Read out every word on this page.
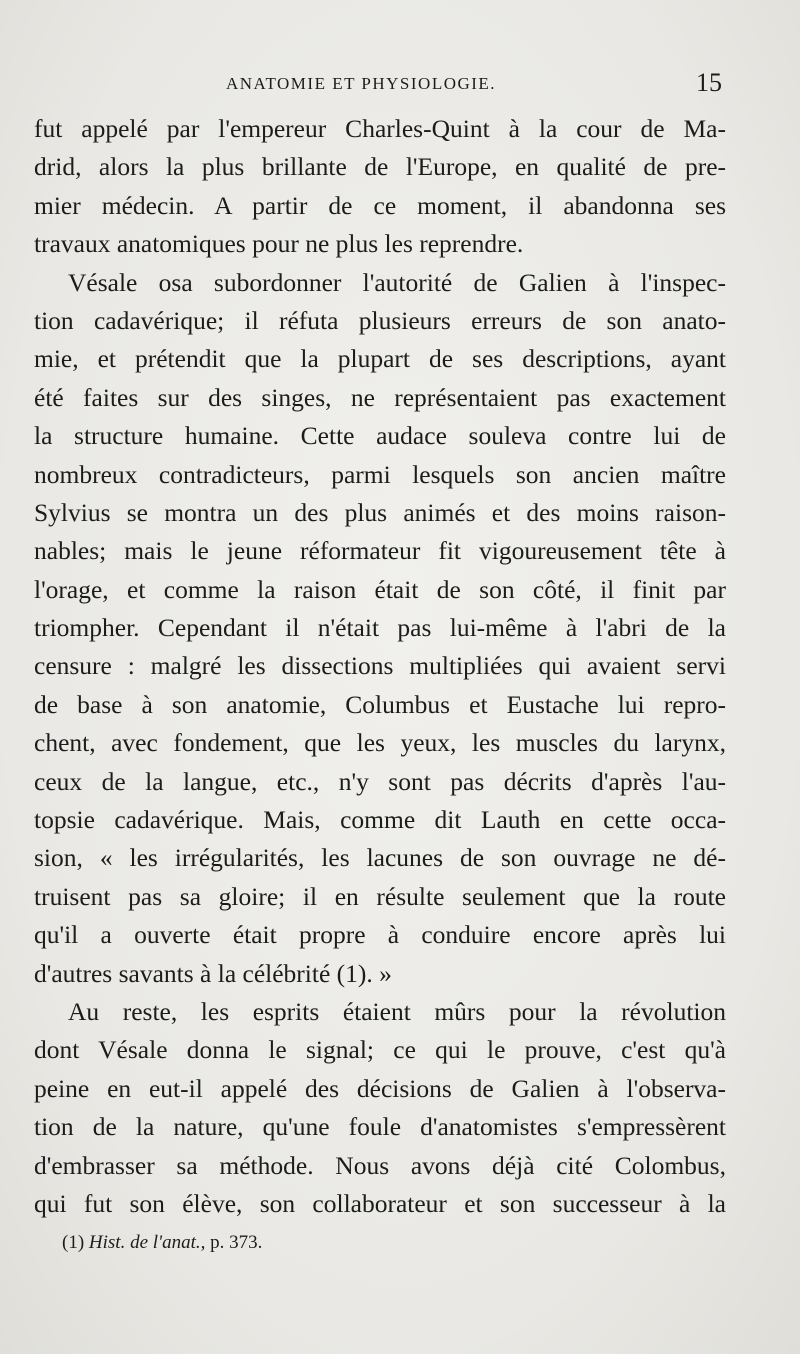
ANATOMIE ET PHYSIOLOGIE.	15
fut appelé par l'empereur Charles-Quint à la cour de Ma-
drid, alors la plus brillante de l'Europe, en qualité de pre-
mier médecin. A partir de ce moment, il abandonna ses
travaux anatomiques pour ne plus les reprendre.
Vésale osa subordonner l'autorité de Galien à l'inspec-
tion cadavérique; il réfuta plusieurs erreurs de son anato-
mie, et prétendit que la plupart de ses descriptions, ayant
été faites sur des singes, ne représentaient pas exactement
la structure humaine. Cette audace souleva contre lui de
nombreux contradicteurs, parmi lesquels son ancien maître
Sylvius se montra un des plus animés et des moins raison-
nables; mais le jeune réformateur fit vigoureusement tête à
l'orage, et comme la raison était de son côté, il finit par
triompher. Cependant il n'était pas lui-même à l'abri de la
censure : malgré les dissections multipliées qui avaient servi
de base à son anatomie, Columbus et Eustache lui repro-
chent, avec fondement, que les yeux, les muscles du larynx,
ceux de la langue, etc., n'y sont pas décrits d'après l'au-
topsie cadavérique. Mais, comme dit Lauth en cette occa-
sion, « les irrégularités, les lacunes de son ouvrage ne dé-
truisent pas sa gloire; il en résulte seulement que la route
qu'il a ouverte était propre à conduire encore après lui
d'autres savants à la célébrité (1). »
Au reste, les esprits étaient mûrs pour la révolution
dont Vésale donna le signal; ce qui le prouve, c'est qu'à
peine en eut-il appelé des décisions de Galien à l'observa-
tion de la nature, qu'une foule d'anatomistes s'empressèrent
d'embrasser sa méthode. Nous avons déjà cité Colombus,
qui fut son élève, son collaborateur et son successeur à la
(1) Hist. de l'anat., p. 373.
